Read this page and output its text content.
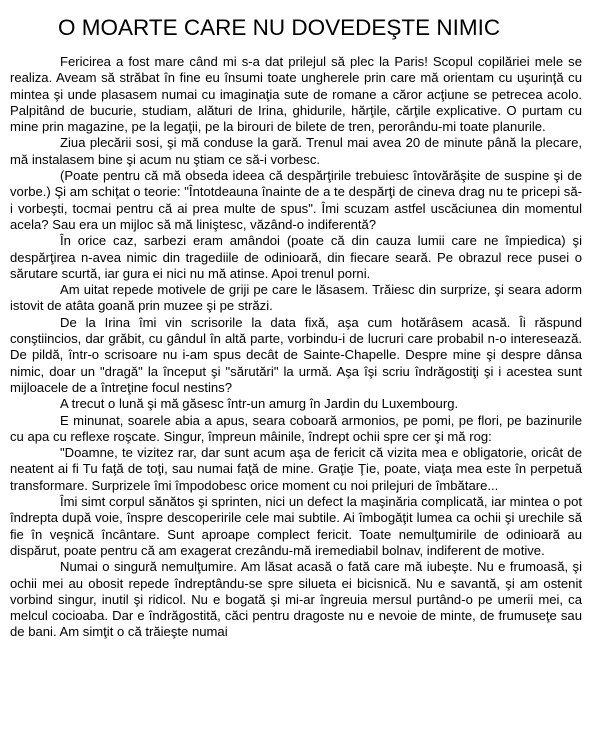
O MOARTE CARE NU DOVEDEŞTE NIMIC

Fericirea a fost mare când mi s-a dat prilejul să plec la Paris! Scopul copilăriei mele se realiza. Aveam să străbat în fine eu însumi toate ungherele prin care mă orientam cu uşurinţă cu mintea şi unde plasasem numai cu imaginaţia sute de romane a căror acţiune se petrecea acolo. Palpitând de bucurie, studiam, alături de Irina, ghidurile, hărţile, cărţile explicative. O purtam cu mine prin magazine, pe la legaţii, pe la birouri de bilete de tren, perorându-mi toate planurile.

Ziua plecării sosi, şi mă conduse la gară. Trenul mai avea 20 de minute până la plecare, mă instalasem bine şi acum nu ştiam ce să-i vorbesc.

(Poate pentru că mă obseda ideea că despărţirile trebuiesc întovărăşite de suspine şi de vorbe.) Şi am schiţat o teorie: "Întotdeauna înainte de a te despărţi de cineva drag nu te pricepi să-i vorbeşti, tocmai pentru că ai prea multe de spus". Îmi scuzam astfel uscăciunea din momentul acela? Sau era un mijloc să mă liniştesc, văzând-o indiferentă?

În orice caz, sarbezi eram amândoi (poate că din cauza lumii care ne împiedica) şi despărţirea n-avea nimic din tragediile de odinioară, din fiecare seară. Pe obrazul rece pusei o sărutare scurtă, iar gura ei nici nu mă atinse. Apoi trenul porni.

Am uitat repede motivele de griji pe care le lăsasem. Trăiesc din surprize, şi seara adorm istovit de atâta goană prin muzee şi pe străzi.

De la Irina îmi vin scrisorile la data fixă, aşa cum hotărâsem acasă. Îi răspund conştiincios, dar grăbit, cu gândul în altă parte, vorbindu-i de lucruri care probabil n-o interesează. De pildă, într-o scrisoare nu i-am spus decât de Sainte-Chapelle. Despre mine şi despre dânsa nimic, doar un "dragă" la început şi "sărutări" la urmă. Aşa îşi scriu îndrăgostiţi şi i acestea sunt mijloacele de a întreţine focul nestins?

A trecut o lună şi mă găsesc într-un amurg în Jardin du Luxembourg.

E minunat, soarele abia a apus, seara coboară armonios, pe pomi, pe flori, pe bazinurile cu apa cu reflexe roşcate. Singur, împreun mâinile, îndrept ochii spre cer şi mă rog:

"Doamne, te vizitez rar, dar sunt acum aşa de fericit că vizita mea e obligatorie, oricât de neatent ai fi Tu faţă de toţi, sau numai faţă de mine. Graţie Ţie, poate, viaţa mea este în perpetuă transformare. Surprizele îmi împodobesc orice moment cu noi prilejuri de îmbătare...

Îmi simt corpul sănătos şi sprinten, nici un defect la maşinăria complicată, iar mintea o pot îndrepta după voie, înspre descoperirile cele mai subtile. Ai îmbogăţit lumea ca ochii şi urechile să fie în veşnică încântare. Sunt aproape complect fericit. Toate nemulţumirile de odinioară au dispărut, poate pentru că am exagerat crezându-mă iremediabil bolnav, indiferent de motive.

Numai o singură nemulţumire. Am lăsat acasă o fată care mă iubeşte. Nu e frumoasă, şi ochii mei au obosit repede îndreptându-se spre silueta ei bicisnică. Nu e savantă, şi am ostenit vorbind singur, inutil şi ridicol. Nu e bogată şi mi-ar îngreuia mersul purtând-o pe umerii mei, ca melcul cocioaba. Dar e îndrăgostită, căci pentru dragoste nu e nevoie de minte, de frumuseţe sau de bani. Am simţit o că trăieşte numai
